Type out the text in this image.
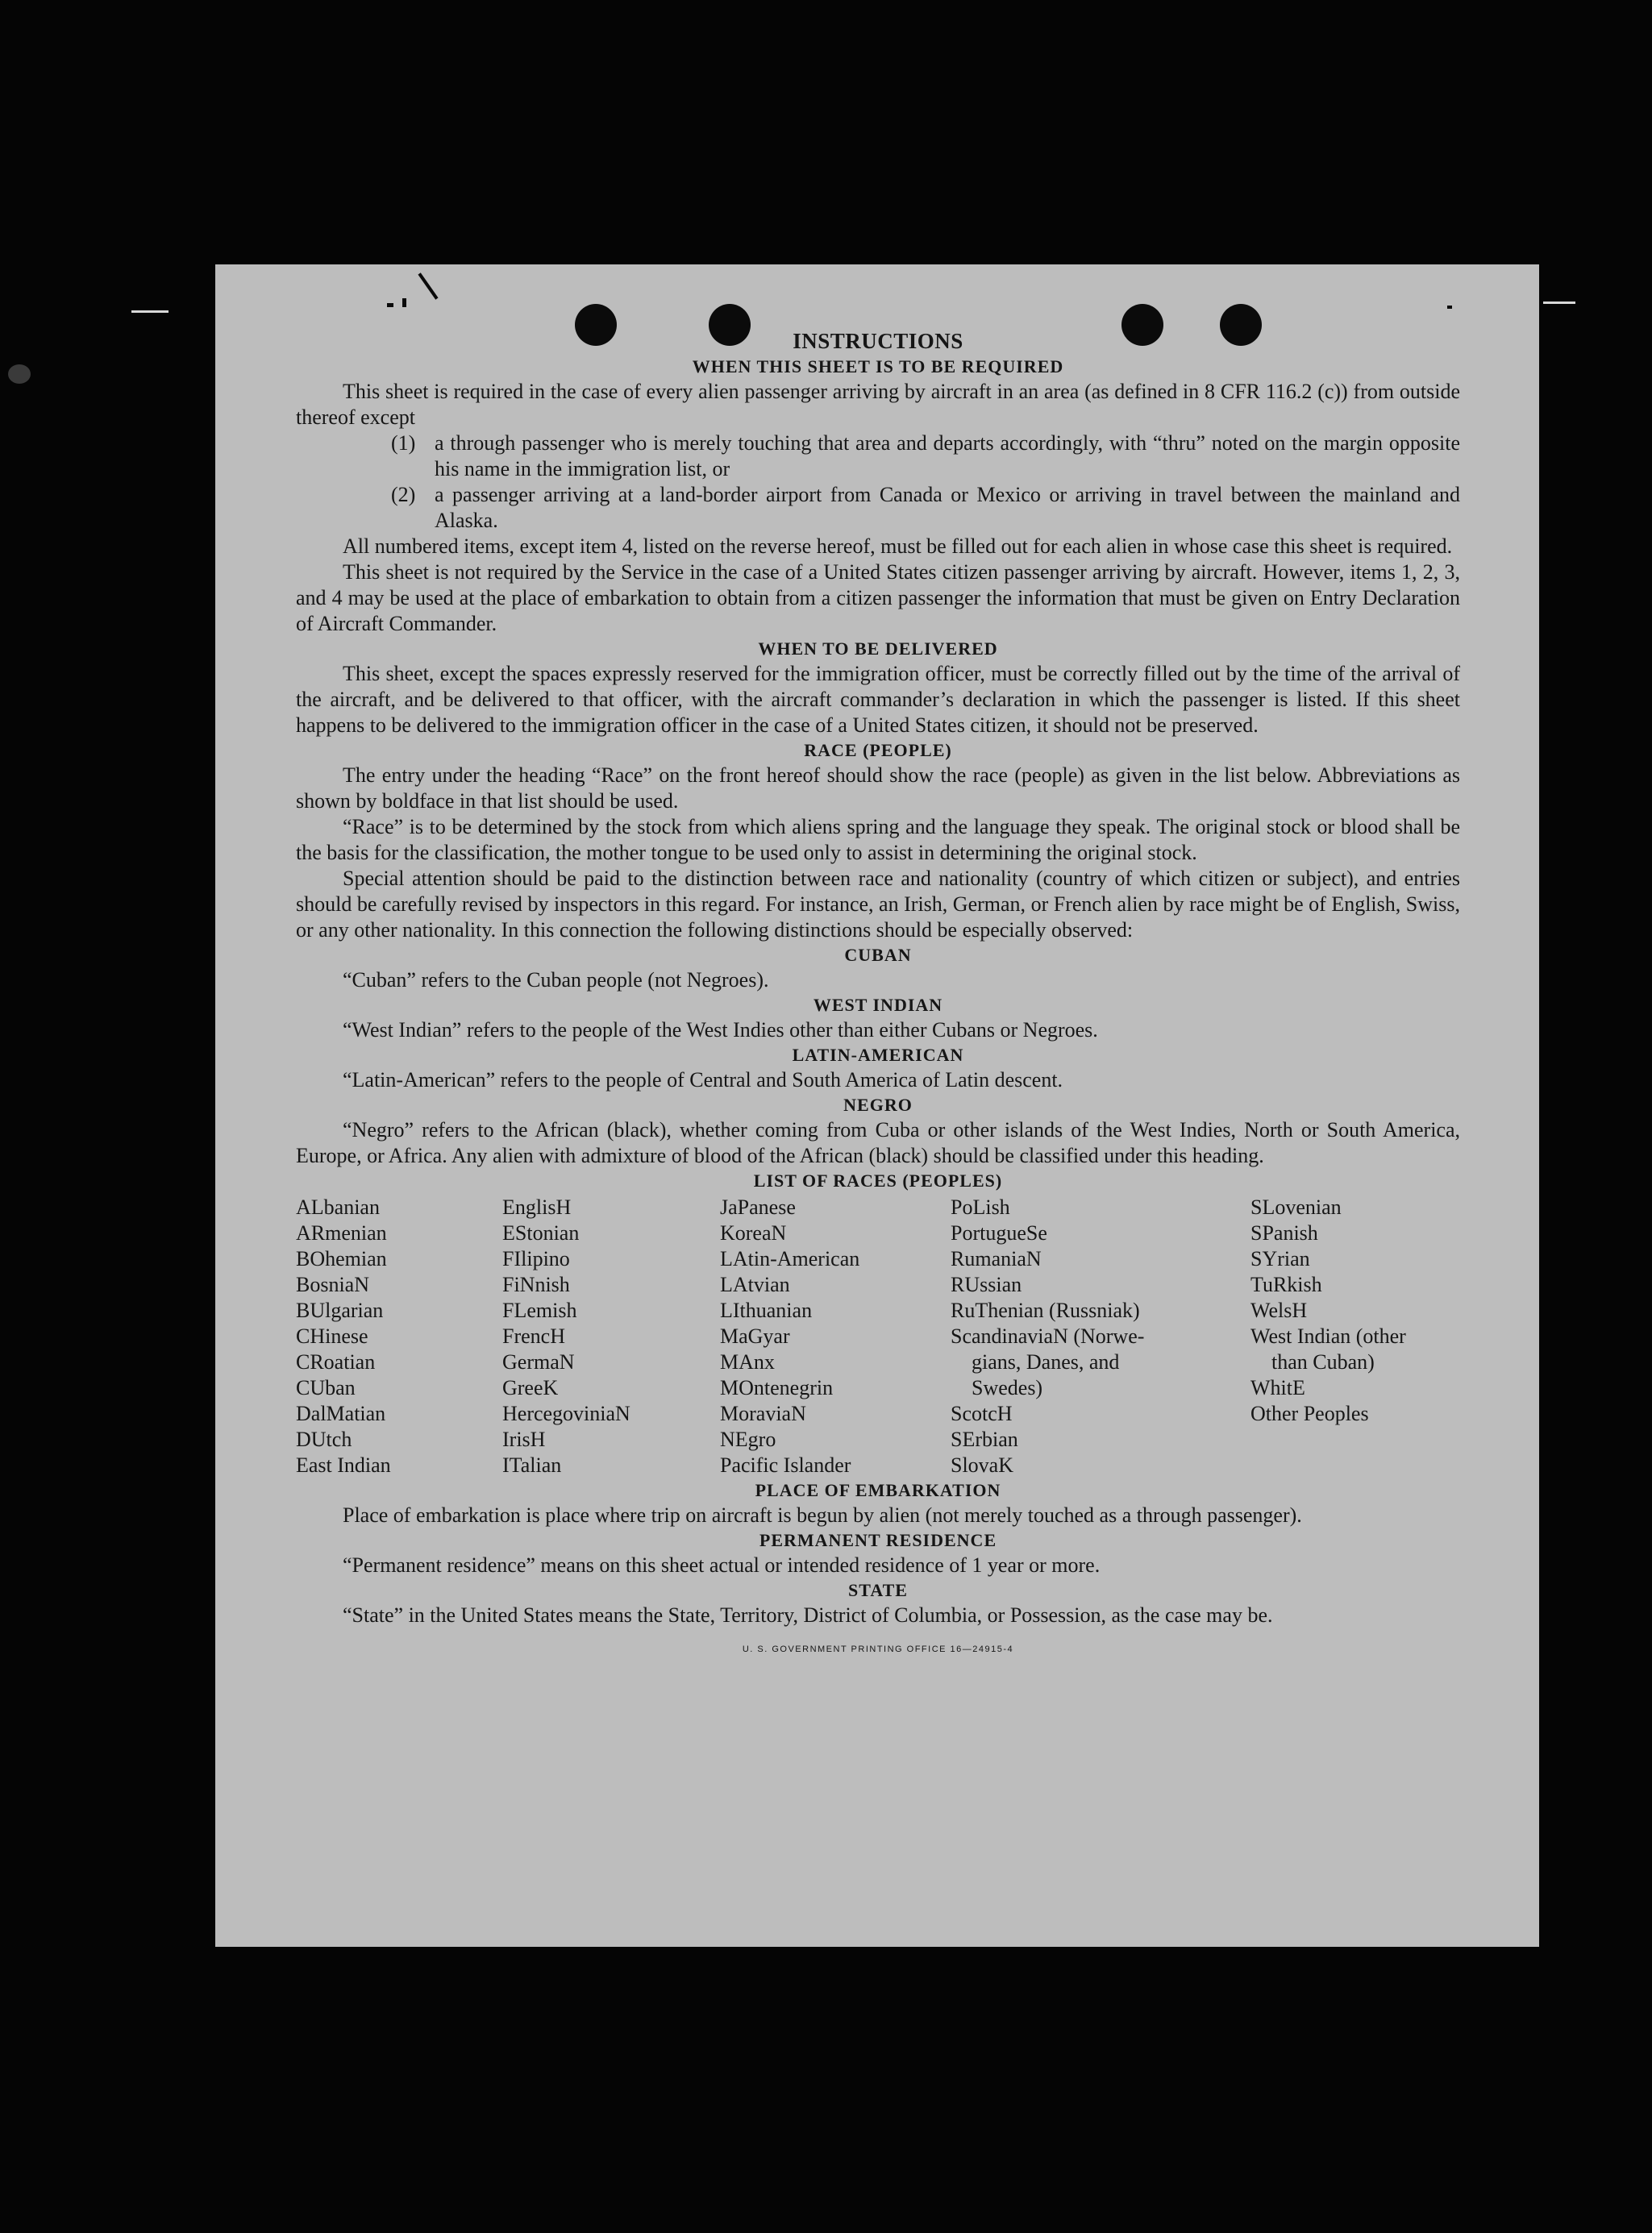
INSTRUCTIONS
WHEN THIS SHEET IS TO BE REQUIRED

This sheet is required in the case of every alien passenger arriving by aircraft in an area (as defined in 8 CFR 116.2 (c)) from outside thereof except

(1) a through passenger who is merely touching that area and departs accordingly, with “thru” noted on the margin opposite his name in the immigration list, or
(2) a passenger arriving at a land-border airport from Canada or Mexico or arriving in travel between the mainland and Alaska.

All numbered items, except item 4, listed on the reverse hereof, must be filled out for each alien in whose case this sheet is required.

This sheet is not required by the Service in the case of a United States citizen passenger arriving by aircraft. However, items 1, 2, 3, and 4 may be used at the place of embarkation to obtain from a citizen passenger the information that must be given on Entry Declaration of Aircraft Commander.

WHEN TO BE DELIVERED

This sheet, except the spaces expressly reserved for the immigration officer, must be correctly filled out by the time of the arrival of the aircraft, and be delivered to that officer, with the aircraft commander’s declaration in which the passenger is listed. If this sheet happens to be delivered to the immigration officer in the case of a United States citizen, it should not be preserved.

RACE (PEOPLE)

The entry under the heading “Race” on the front hereof should show the race (people) as given in the list below. Abbreviations as shown by boldface in that list should be used.

“Race” is to be determined by the stock from which aliens spring and the language they speak. The original stock or blood shall be the basis for the classification, the mother tongue to be used only to assist in determining the original stock.

Special attention should be paid to the distinction between race and nationality (country of which citizen or subject), and entries should be carefully revised by inspectors in this regard. For instance, an Irish, German, or French alien by race might be of English, Swiss, or any other nationality. In this connection the following distinctions should be especially observed:

CUBAN

“Cuban” refers to the Cuban people (not Negroes).

WEST INDIAN

“West Indian” refers to the people of the West Indies other than either Cubans or Negroes.

LATIN-AMERICAN

“Latin-American” refers to the people of Central and South America of Latin descent.

NEGRO

“Negro” refers to the African (black), whether coming from Cuba or other islands of the West Indies, North or South America, Europe, or Africa. Any alien with admixture of blood of the African (black) should be classified under this heading.

LIST OF RACES (PEOPLES)
ALbanian
ARmenian
BOhemian
BosniaN
BUlgarian
CHinese
CRoatian
CUban
DalMatian
DUtch
East Indian
EnglisH
EStonian
FIlipino
FiNnish
FLemish
FrencH
GermaN
GreeK
HercegoviniaN
IrisH
ITalian
JaPanese
KoreaN
LAtin-American
LAtvian
LIthuanian
MaGyar
MAnx
MOntenegrin
MoraviaN
NEgro
Pacific Islander
PoLish
PortugueSe
RumaniaN
RUssian
RuThenian (Russniak)
ScandinaviaN (Norwe-
gians, Danes, and
Swedes)
ScotcH
SErbian
SlovaK
SLovenian
SPanish
SYrian
TuRkish
WelsH
West Indian (other
than Cuban)
WhitE
Other Peoples
PLACE OF EMBARKATION

Place of embarkation is place where trip on aircraft is begun by alien (not merely touched as a through passenger).

PERMANENT RESIDENCE

“Permanent residence” means on this sheet actual or intended residence of 1 year or more.

STATE

“State” in the United States means the State, Territory, District of Columbia, or Possession, as the case may be.

U. S. GOVERNMENT PRINTING OFFICE 16—24915-4
